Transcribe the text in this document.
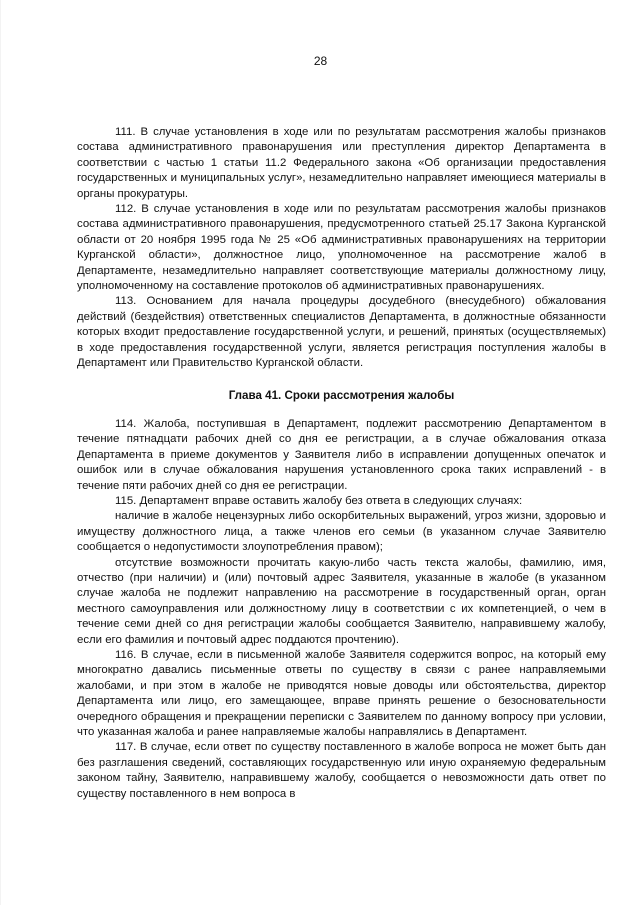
28

111. В случае установления в ходе или по результатам рассмотрения жалобы признаков состава административного правонарушения или преступления директор Департамента в соответствии с частью 1 статьи 11.2 Федерального закона «Об организации предоставления государственных и муниципальных услуг», незамедлительно направляет имеющиеся материалы в органы прокуратуры.

112. В случае установления в ходе или по результатам рассмотрения жалобы признаков состава административного правонарушения, предусмотренного статьей 25.17 Закона Курганской области от 20 ноября 1995 года № 25 «Об административных правонарушениях на территории Курганской области», должностное лицо, уполномоченное на рассмотрение жалоб в Департаменте, незамедлительно направляет соответствующие материалы должностному лицу, уполномоченному на составление протоколов об административных правонарушениях.

113. Основанием для начала процедуры досудебного (внесудебного) обжалования действий (бездействия) ответственных специалистов Департамента, в должностные обязанности которых входит предоставление государственной услуги, и решений, принятых (осуществляемых) в ходе предоставления государственной услуги, является регистрация поступления жалобы в Департамент или Правительство Курганской области.

Глава 41. Сроки рассмотрения жалобы

114. Жалоба, поступившая в Департамент, подлежит рассмотрению Департаментом в течение пятнадцати рабочих дней со дня ее регистрации, а в случае обжалования отказа Департамента в приеме документов у Заявителя либо в исправлении допущенных опечаток и ошибок или в случае обжалования нарушения установленного срока таких исправлений - в течение пяти рабочих дней со дня ее регистрации.

115. Департамент вправе оставить жалобу без ответа в следующих случаях:

наличие в жалобе нецензурных либо оскорбительных выражений, угроз жизни, здоровью и имуществу должностного лица, а также членов его семьи (в указанном случае Заявителю сообщается о недопустимости злоупотребления правом);

отсутствие возможности прочитать какую-либо часть текста жалобы, фамилию, имя, отчество (при наличии) и (или) почтовый адрес Заявителя, указанные в жалобе (в указанном случае жалоба не подлежит направлению на рассмотрение в государственный орган, орган местного самоуправления или должностному лицу в соответствии с их компетенцией, о чем в течение семи дней со дня регистрации жалобы сообщается Заявителю, направившему жалобу, если его фамилия и почтовый адрес поддаются прочтению).

116. В случае, если в письменной жалобе Заявителя содержится вопрос, на который ему многократно давались письменные ответы по существу в связи с ранее направляемыми жалобами, и при этом в жалобе не приводятся новые доводы или обстоятельства, директор Департамента или лицо, его замещающее, вправе принять решение о безосновательности очередного обращения и прекращении переписки с Заявителем по данному вопросу при условии, что указанная жалоба и ранее направляемые жалобы направлялись в Департамент.

117. В случае, если ответ по существу поставленного в жалобе вопроса не может быть дан без разглашения сведений, составляющих государственную или иную охраняемую федеральным законом тайну, Заявителю, направившему жалобу, сообщается о невозможности дать ответ по существу поставленного в нем вопроса в
